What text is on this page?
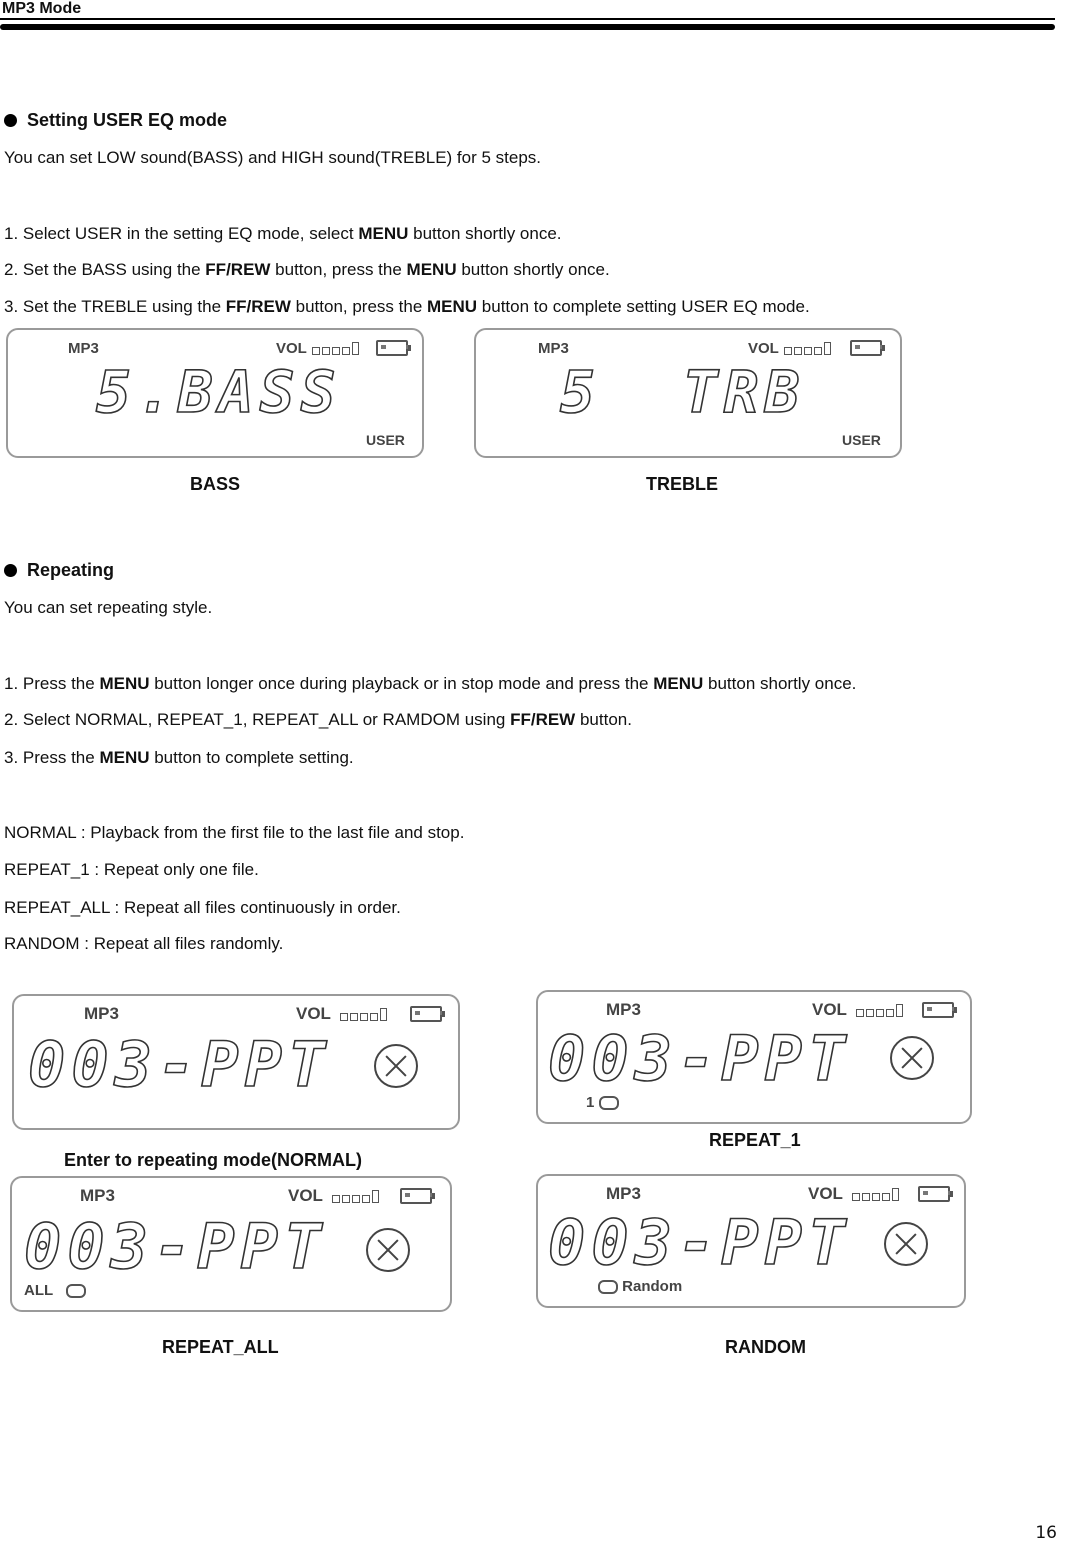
MP3 Mode
Setting USER EQ mode
You can set LOW sound(BASS) and HIGH sound(TREBLE) for 5 steps.
1. Select USER in the setting EQ mode, select MENU button shortly once.
2. Set the BASS using the FF/REW button, press the MENU button shortly once.
3. Set the TREBLE using the FF/REW button, press the MENU button to complete setting USER EQ mode.
MP3	VOL
5.BASS
USER
MP3	VOL
5  TRB
USER
BASS	TREBLE
Repeating
You can set repeating style.
1. Press the MENU button longer once during playback or in stop mode and press the MENU button shortly once.
2. Select NORMAL, REPEAT_1, REPEAT_ALL or RAMDOM using FF/REW button.
3. Press the MENU button to complete setting.
NORMAL : Playback from the first file to the last file and stop.
REPEAT_1 : Repeat only one file.
REPEAT_ALL : Repeat all files continuously in order.
RANDOM : Repeat all files randomly.
MP3	VOL
003-PPT
MP3	VOL
003-PPT
1
Enter to repeating mode(NORMAL)
REPEAT_1
MP3	VOL
003-PPT
ALL
MP3	VOL
003-PPT
Random
REPEAT_ALL	RANDOM
16
